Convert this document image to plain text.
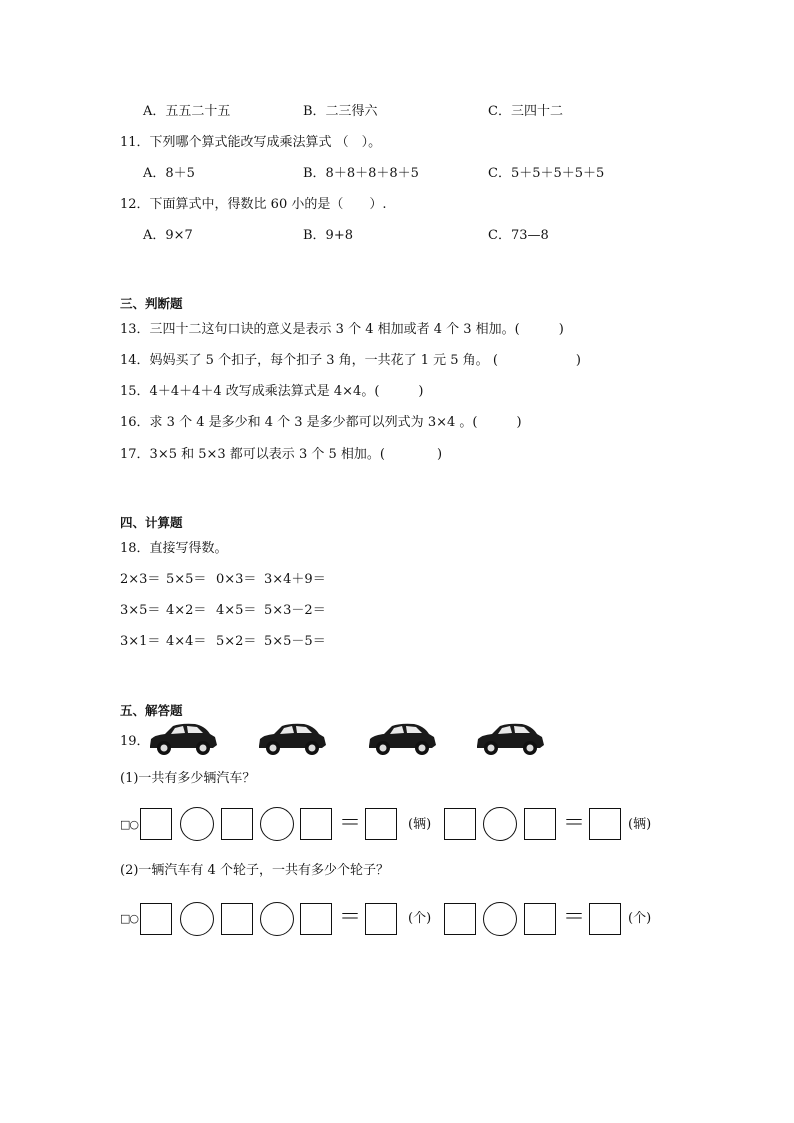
A．五五二十五	B．二三得六	C．三四十二
11．下列哪个算式能改写成乘法算式 （　）。
A．8＋5	B．8＋8＋8＋8＋5	C．5＋5＋5＋5＋5
12．下面算式中，得数比 60 小的是（　　）.
A．9×7	B．9+8	C．73—8
三、判断题
13．三四十二这句口诀的意义是表示 3 个 4 相加或者 4 个 3 相加。(　　　)
14．妈妈买了 5 个扣子，每个扣子 3 角，一共花了 1 元 5 角。 (　　　　　　)
15．4＋4＋4＋4 改写成乘法算式是 4×4。(　　　)
16．求 3 个 4 是多少和 4 个 3 是多少都可以列式为 3×4 。(　　　)
17．3×5 和 5×3 都可以表示 3 个 5 相加。(　　　　)
四、计算题
18．直接写得数。
2×3＝ 5×5＝ 0×3＝ 3×4＋9＝
3×5＝ 4×2＝ 4×5＝ 5×3－2＝
3×1＝ 4×4＝ 5×2＝ 5×5－5＝
五、解答题
19．
(1)一共有多少辆汽车？
□○	＝	(辆)	＝	(辆)
(2)一辆汽车有 4 个轮子，一共有多少个轮子？
□○	＝	(个)	＝	(个)
